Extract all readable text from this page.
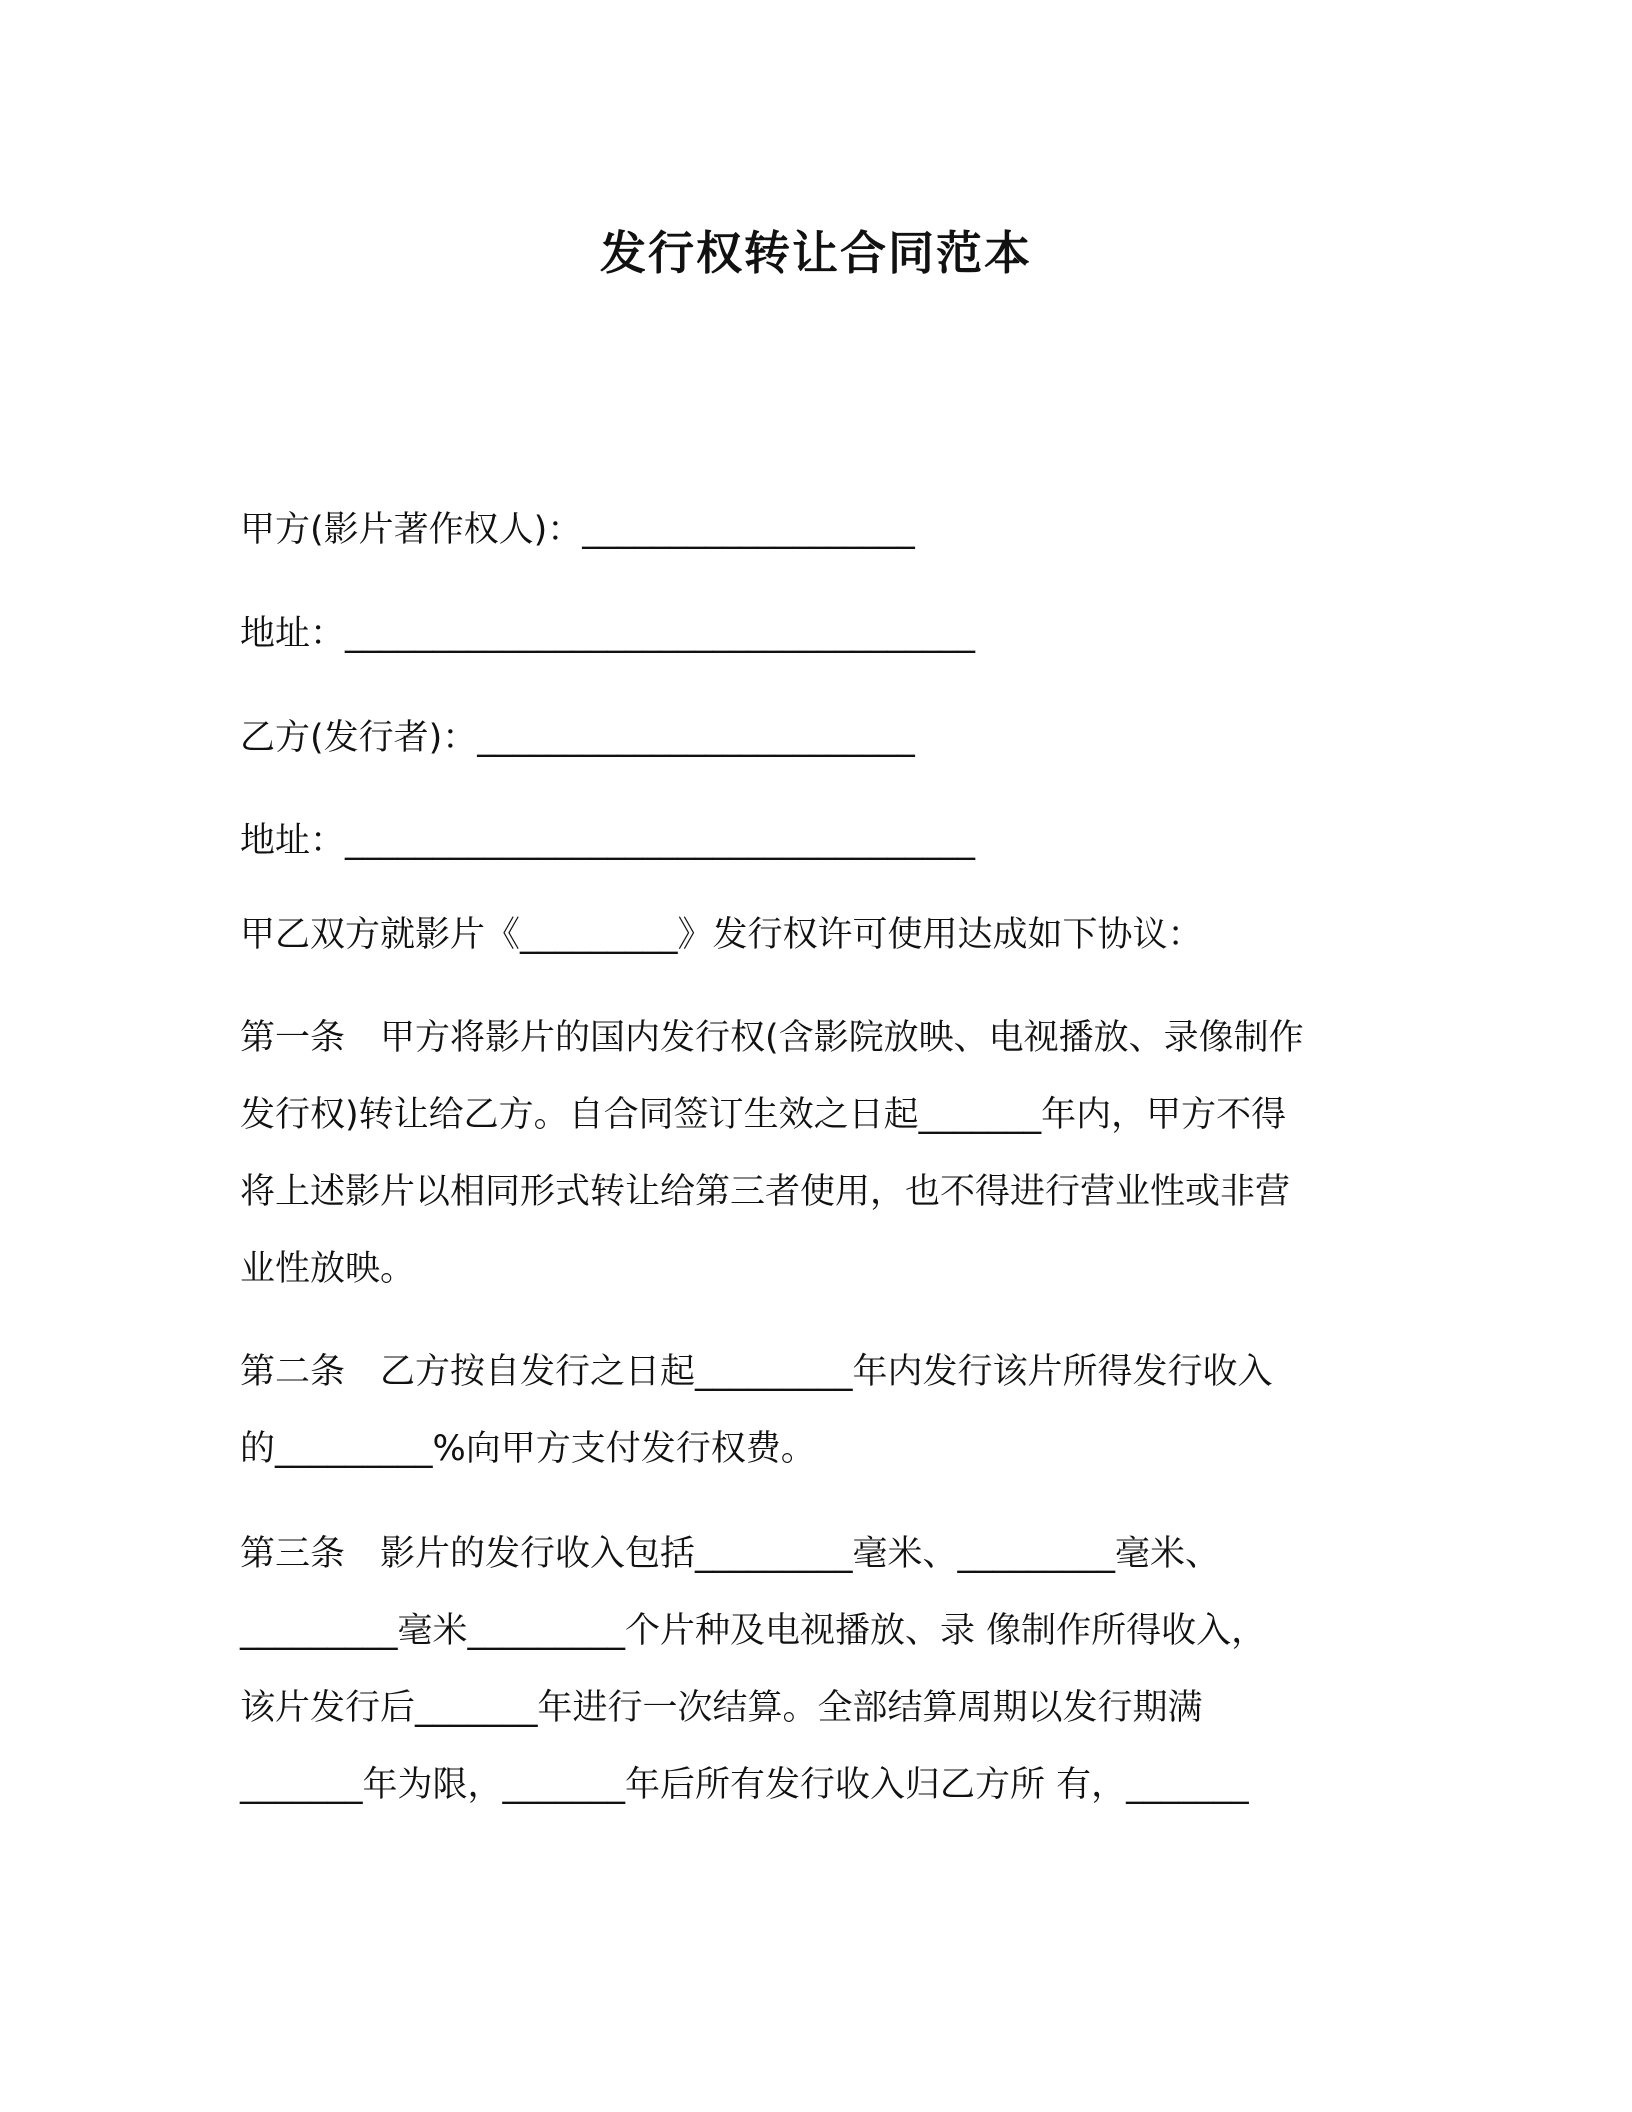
发行权转让合同范本
甲方(影片著作权人)：___________________
地址：____________________________________
乙方(发行者)：_________________________
地址：____________________________________
甲乙双方就影片《_________》发行权许可使用达成如下协议：
第一条　甲方将影片的国内发行权(含影院放映、电视播放、录像制作
发行权)转让给乙方。自合同签订生效之日起_______年内，甲方不得
将上述影片以相同形式转让给第三者使用，也不得进行营业性或非营
业性放映。
第二条　乙方按自发行之日起_________年内发行该片所得发行收入
的_________%向甲方支付发行权费。
第三条　影片的发行收入包括_________毫米、_________毫米、
_________毫米_________个片种及电视播放、录 像制作所得收入，
该片发行后_______年进行一次结算。全部结算周期以发行期满
_______年为限，_______年后所有发行收入归乙方所 有，_______
